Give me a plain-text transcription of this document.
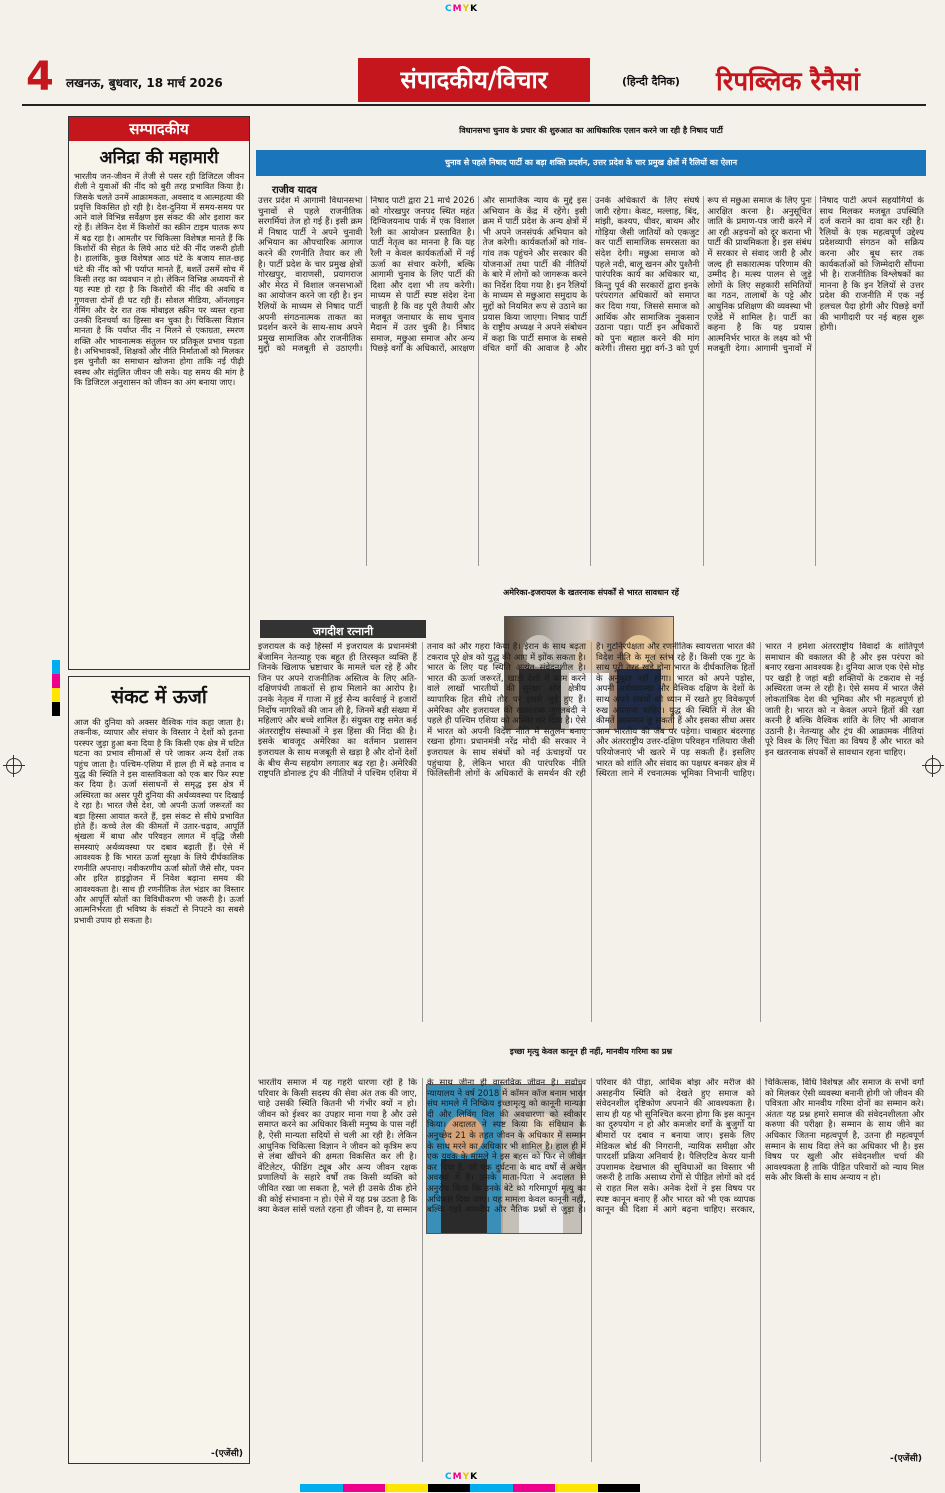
CMYK
4 लखनऊ, बुधवार, 18 मार्च 2026	संपादकीय/विचार	(हिन्दी दैनिक) रिपब्लिक रैनैसां
सम्पादकीय
अनिद्रा की महामारी
भारतीय जन-जीवन में तेजी से पसर रही डिजिटल जीवन शैली ने युवाओं की नींद को बुरी तरह प्रभावित किया है। जिसके चलते उनमें आक्रामकता, अवसाद व आत्महत्या की प्रवृत्ति विकसित हो रही है। देश-दुनिया में समय-समय पर आने वाले विभिन्न सर्वेक्षण इस संकट की ओर इशारा कर रहे हैं। लेकिन देश में किशोरों का स्क्रीन टाइम घातक रूप में बढ़ रहा है। आमतौर पर चिकित्सा विशेषज्ञ मानते हैं कि किशोरों की सेहत के लिये आठ घंटे की नींद जरूरी होती है। हालांकि, कुछ विशेषज्ञ आठ घंटे के बजाय सात-छह घंटे की नींद को भी पर्याप्त मानते हैं, बशर्ते उसमें सोच में किसी तरह का व्यवधान न हो। लेकिन विभिन्न अध्ययनों से यह स्पष्ट हो रहा है कि किशोरों की नींद की अवधि व गुणवत्ता दोनों ही घट रही हैं। सोशल मीडिया, ऑनलाइन गेमिंग और देर रात तक मोबाइल स्क्रीन पर व्यस्त रहना उनकी दिनचर्या का हिस्सा बन चुका है। चिकित्सा विज्ञान मानता है कि पर्याप्त नींद न मिलने से एकाग्रता, स्मरण शक्ति और भावनात्मक संतुलन पर प्रतिकूल प्रभाव पड़ता है। अभिभावकों, शिक्षकों और नीति निर्माताओं को मिलकर इस चुनौती का समाधान खोजना होगा ताकि नई पीढ़ी स्वस्थ और संतुलित जीवन जी सके। यह समय की मांग है कि डिजिटल अनुशासन को जीवन का अंग बनाया जाए।
संकट में ऊर्जा
आज की दुनिया को अक्सर वैश्विक गांव कहा जाता है। तकनीक, व्यापार और संचार के विस्तार ने देशों को इतना परस्पर जुड़ा हुआ बना दिया है कि किसी एक क्षेत्र में घटित घटना का प्रभाव सीमाओं से परे जाकर अन्य देशों तक पहुंच जाता है। पश्चिम-एशिया में हाल ही में बढ़े तनाव व युद्ध की स्थिति ने इस वास्तविकता को एक बार फिर स्पष्ट कर दिया है। ऊर्जा संसाधनों से समृद्ध इस क्षेत्र में अस्थिरता का असर पूरी दुनिया की अर्थव्यवस्था पर दिखाई दे रहा है। भारत जैसे देश, जो अपनी ऊर्जा जरूरतों का बड़ा हिस्सा आयात करते हैं, इस संकट से सीधे प्रभावित होते हैं। कच्चे तेल की कीमतों में उतार-चढ़ाव, आपूर्ति श्रृंखला में बाधा और परिवहन लागत में वृद्धि जैसी समस्याएं अर्थव्यवस्था पर दबाव बढ़ाती हैं। ऐसे में आवश्यक है कि भारत ऊर्जा सुरक्षा के लिये दीर्घकालिक रणनीति अपनाए। नवीकरणीय ऊर्जा स्रोतों जैसे सौर, पवन और हरित हाइड्रोजन में निवेश बढ़ाना समय की आवश्यकता है। साथ ही रणनीतिक तेल भंडार का विस्तार और आपूर्ति स्रोतों का विविधीकरण भी जरूरी है। ऊर्जा आत्मनिर्भरता ही भविष्य के संकटों से निपटने का सबसे प्रभावी उपाय हो सकता है।
-(एजेंसी)
विधानसभा चुनाव के प्रचार की शुरुआत का आधिकारिक एलान करने जा रही है निषाद पार्टी
चुनाव से पहले निषाद पार्टी का बड़ा शक्ति प्रदर्शन, उत्तर प्रदेश के चार प्रमुख क्षेत्रों में रैलियों का ऐलान
राजीव यादव
उत्तर प्रदेश में आगामी विधानसभा चुनावों से पहले राजनीतिक सरगर्मियां तेज हो गई हैं। इसी क्रम में निषाद पार्टी ने अपने चुनावी अभियान का औपचारिक आगाज करने की रणनीति तैयार कर ली है। पार्टी प्रदेश के चार प्रमुख क्षेत्रों गोरखपुर, वाराणसी, प्रयागराज और मेरठ में विशाल जनसभाओं का आयोजन करने जा रही है। इन रैलियों के माध्यम से निषाद पार्टी अपनी संगठनात्मक ताकत का प्रदर्शन करने के साथ-साथ अपने प्रमुख सामाजिक और राजनीतिक मुद्दों को मजबूती से उठाएगी। निषाद पार्टी द्वारा 21 मार्च 2026 को गोरखपुर जनपद स्थित महंत दिग्विजयनाथ पार्क में एक विशाल रैली का आयोजन प्रस्तावित है। पार्टी नेतृत्व का मानना है कि यह रैली न केवल कार्यकर्ताओं में नई ऊर्जा का संचार करेगी, बल्कि आगामी चुनाव के लिए पार्टी की दिशा और दशा भी तय करेगी। माध्यम से पार्टी स्पष्ट संदेश देना चाहती है कि वह पूरी तैयारी और मजबूत जनाधार के साथ चुनाव मैदान में उतर चुकी है। निषाद समाज, मछुआ समाज और अन्य पिछड़े वर्गों के अधिकारों, आरक्षण और सामाजिक न्याय के मुद्दे इस अभियान के केंद्र में रहेंगे। इसी क्रम में पार्टी प्रदेश के अन्य क्षेत्रों में भी अपने जनसंपर्क अभियान को तेज करेगी। कार्यकर्ताओं को गांव-गांव तक पहुंचने और सरकार की योजनाओं तथा पार्टी की नीतियों के बारे में लोगों को जागरूक करने का निर्देश दिया गया है। इन रैलियों के माध्यम से मछुआरा समुदाय के मुद्दों को नियमित रूप से उठाने का प्रयास किया जाएगा। निषाद पार्टी के राष्ट्रीय अध्यक्ष ने अपने संबोधन में कहा कि पार्टी समाज के सबसे वंचित वर्गों की आवाज है और उनके अधिकारों के लिए संघर्ष जारी रहेगा। केवट, मल्लाह, बिंद, मांझी, कश्यप, धीवर, बाथम और गोड़िया जैसी जातियों को एकजुट कर पार्टी सामाजिक समरसता का संदेश देगी। मछुआ समाज को पहले नदी, बालू खनन और पुश्तैनी पारंपरिक कार्य का अधिकार था, किन्तु पूर्व की सरकारों द्वारा इनके परंपरागत अधिकारों को समाप्त कर दिया गया, जिससे समाज को आर्थिक और सामाजिक नुकसान उठाना पड़ा। पार्टी इन अधिकारों को पुनः बहाल करने की मांग करेगी। तीसरा मुद्दा वर्ग-3 को पूर्ण रूप से मछुआ समाज के लिए पुनः आरक्षित करना है। अनुसूचित जाति के प्रमाण-पत्र जारी करने में आ रही अड़चनों को दूर कराना भी पार्टी की प्राथमिकता है। इस संबंध में सरकार से संवाद जारी है और जल्द ही सकारात्मक परिणाम की उम्मीद है। मत्स्य पालन से जुड़े लोगों के लिए सहकारी समितियों का गठन, तालाबों के पट्टे और आधुनिक प्रशिक्षण की व्यवस्था भी एजेंडे में शामिल है। पार्टी का कहना है कि यह प्रयास आत्मनिर्भर भारत के लक्ष्य को भी मजबूती देगा। आगामी चुनावों में निषाद पार्टी अपने सहयोगियों के साथ मिलकर मजबूत उपस्थिति दर्ज कराने का दावा कर रही है। रैलियों के एक महत्वपूर्ण उद्देश्य प्रदेशव्यापी संगठन को सक्रिय करना और बूथ स्तर तक कार्यकर्ताओं को जिम्मेदारी सौंपना भी है। राजनीतिक विश्लेषकों का मानना है कि इन रैलियों से उत्तर प्रदेश की राजनीति में एक नई हलचल पैदा होगी और पिछड़े वर्गों की भागीदारी पर नई बहस शुरू होगी।
अमेरिका-इजरायल के खतरनाक संपर्कों से भारत सावधान रहें
जगदीश रत्नानी
इजरायल के कई हिस्सों में इजरायल के प्रधानमंत्री बेंजामिन नेतन्याहू एक बहुत ही तिरस्कृत व्यक्ति हैं जिनके खिलाफ भ्रष्टाचार के मामले चल रहे हैं और जिन पर अपने राजनीतिक अस्तित्व के लिए अति-दक्षिणपंथी ताकतों से हाथ मिलाने का आरोप है। उनके नेतृत्व में गाजा में हुई सैन्य कार्रवाई ने हजारों निर्दोष नागरिकों की जान ली है, जिनमें बड़ी संख्या में महिलाएं और बच्चे शामिल हैं। संयुक्त राष्ट्र समेत कई अंतरराष्ट्रीय संस्थाओं ने इस हिंसा की निंदा की है। इसके बावजूद अमेरिका का वर्तमान प्रशासन इजरायल के साथ मजबूती से खड़ा है और दोनों देशों के बीच सैन्य सहयोग लगातार बढ़ रहा है। अमेरिकी राष्ट्रपति डोनाल्ड ट्रंप की नीतियों ने पश्चिम एशिया में तनाव को और गहरा किया है। ईरान के साथ बढ़ता टकराव पूरे क्षेत्र को युद्ध की आग में झोंक सकता है। भारत के लिए यह स्थिति अत्यंत संवेदनशील है। भारत की ऊर्जा जरूरतें, खाड़ी देशों में काम करने वाले लाखों भारतीयों की सुरक्षा और क्षेत्रीय व्यापारिक हित सीधे तौर पर इससे जुड़े हुए हैं। अमेरिका और इजरायल की खतरनाक जुगलबंदी ने पहले ही पश्चिम एशिया को अस्थिर कर दिया है। ऐसे में भारत को अपनी विदेश नीति में संतुलन बनाए रखना होगा। प्रधानमंत्री नरेंद्र मोदी की सरकार ने इजरायल के साथ संबंधों को नई ऊंचाइयों पर पहुंचाया है, लेकिन भारत की पारंपरिक नीति फिलिस्तीनी लोगों के अधिकारों के समर्थन की रही है। गुटनिरपेक्षता और रणनीतिक स्वायत्तता भारत की विदेश नीति के मूल स्तंभ रहे हैं। किसी एक गुट के साथ पूरी तरह खड़े होना भारत के दीर्घकालिक हितों के अनुकूल नहीं होगा। भारत को अपने पड़ोस, अपनी अर्थव्यवस्था और वैश्विक दक्षिण के देशों के साथ अपने संबंधों को ध्यान में रखते हुए विवेकपूर्ण रुख अपनाना चाहिए। युद्ध की स्थिति में तेल की कीमतें आसमान छू सकती हैं और इसका सीधा असर आम भारतीय की जेब पर पड़ेगा। चाबहार बंदरगाह और अंतरराष्ट्रीय उत्तर-दक्षिण परिवहन गलियारा जैसी परियोजनाएं भी खतरे में पड़ सकती हैं। इसलिए भारत को शांति और संवाद का पक्षधर बनकर क्षेत्र में स्थिरता लाने में रचनात्मक भूमिका निभानी चाहिए। भारत ने हमेशा अंतरराष्ट्रीय विवादों के शांतिपूर्ण समाधान की वकालत की है और इस परंपरा को बनाए रखना आवश्यक है। दुनिया आज एक ऐसे मोड़ पर खड़ी है जहां बड़ी शक्तियों के टकराव से नई अस्थिरता जन्म ले रही है। ऐसे समय में भारत जैसे लोकतांत्रिक देश की भूमिका और भी महत्वपूर्ण हो जाती है। भारत को न केवल अपने हितों की रक्षा करनी है बल्कि वैश्विक शांति के लिए भी आवाज उठानी है। नेतन्याहू और ट्रंप की आक्रामक नीतियां पूरे विश्व के लिए चिंता का विषय हैं और भारत को इन खतरनाक संपर्कों से सावधान रहना चाहिए।
इच्छा मृत्यु केवल कानून ही नहीं, मानवीय गरिमा का प्रश्न
भारतीय समाज में यह गहरी धारणा रही है कि परिवार के किसी सदस्य की सेवा अंत तक की जाए, चाहे उसकी स्थिति कितनी भी गंभीर क्यों न हो। जीवन को ईश्वर का उपहार माना गया है और उसे समाप्त करने का अधिकार किसी मनुष्य के पास नहीं है, ऐसी मान्यता सदियों से चली आ रही है। लेकिन आधुनिक चिकित्सा विज्ञान ने जीवन को कृत्रिम रूप से लंबा खींचने की क्षमता विकसित कर ली है। वेंटिलेटर, फीडिंग ट्यूब और अन्य जीवन रक्षक प्रणालियों के सहारे वर्षों तक किसी व्यक्ति को जीवित रखा जा सकता है, भले ही उसके ठीक होने की कोई संभावना न हो। ऐसे में यह प्रश्न उठता है कि क्या केवल सांसें चलते रहना ही जीवन है, या सम्मान के साथ जीना ही वास्तविक जीवन है। सर्वोच्च न्यायालय ने वर्ष 2018 में कॉमन कॉज बनाम भारत संघ मामले में निष्क्रिय इच्छामृत्यु को कानूनी मान्यता दी और लिविंग विल की अवधारणा को स्वीकार किया। अदालत ने स्पष्ट किया कि संविधान के अनुच्छेद 21 के तहत जीवन के अधिकार में सम्मान के साथ मरने का अधिकार भी शामिल है। हाल ही में एक युवक के मामले ने इस बहस को फिर से जीवंत कर दिया है, जो एक दुर्घटना के बाद वर्षों से अचेत अवस्था में है। उसके माता-पिता ने अदालत से अनुरोध किया कि उनके बेटे को गरिमापूर्ण मृत्यु का अधिकार दिया जाए। यह मामला केवल कानूनी नहीं, बल्कि गहरे मानवीय और नैतिक प्रश्नों से जुड़ा है। परिवार की पीड़ा, आर्थिक बोझ और मरीज की असहनीय स्थिति को देखते हुए समाज को संवेदनशील दृष्टिकोण अपनाने की आवश्यकता है। साथ ही यह भी सुनिश्चित करना होगा कि इस कानून का दुरुपयोग न हो और कमजोर वर्गों के बुजुर्गों या बीमारों पर दबाव न बनाया जाए। इसके लिए मेडिकल बोर्ड की निगरानी, न्यायिक समीक्षा और पारदर्शी प्रक्रिया अनिवार्य है। पैलिएटिव केयर यानी उपशामक देखभाल की सुविधाओं का विस्तार भी जरूरी है ताकि असाध्य रोगों से पीड़ित लोगों को दर्द से राहत मिल सके। अनेक देशों ने इस विषय पर स्पष्ट कानून बनाए हैं और भारत को भी एक व्यापक कानून की दिशा में आगे बढ़ना चाहिए। सरकार, चिकित्सक, विधि विशेषज्ञ और समाज के सभी वर्गों को मिलकर ऐसी व्यवस्था बनानी होगी जो जीवन की पवित्रता और मानवीय गरिमा दोनों का सम्मान करे। अंततः यह प्रश्न हमारे समाज की संवेदनशीलता और करुणा की परीक्षा है। सम्मान के साथ जीने का अधिकार जितना महत्वपूर्ण है, उतना ही महत्वपूर्ण सम्मान के साथ विदा लेने का अधिकार भी है। इस विषय पर खुली और संवेदनशील चर्चा की आवश्यकता है ताकि पीड़ित परिवारों को न्याय मिल सके और किसी के साथ अन्याय न हो।
-(एजेंसी)
CMYK
